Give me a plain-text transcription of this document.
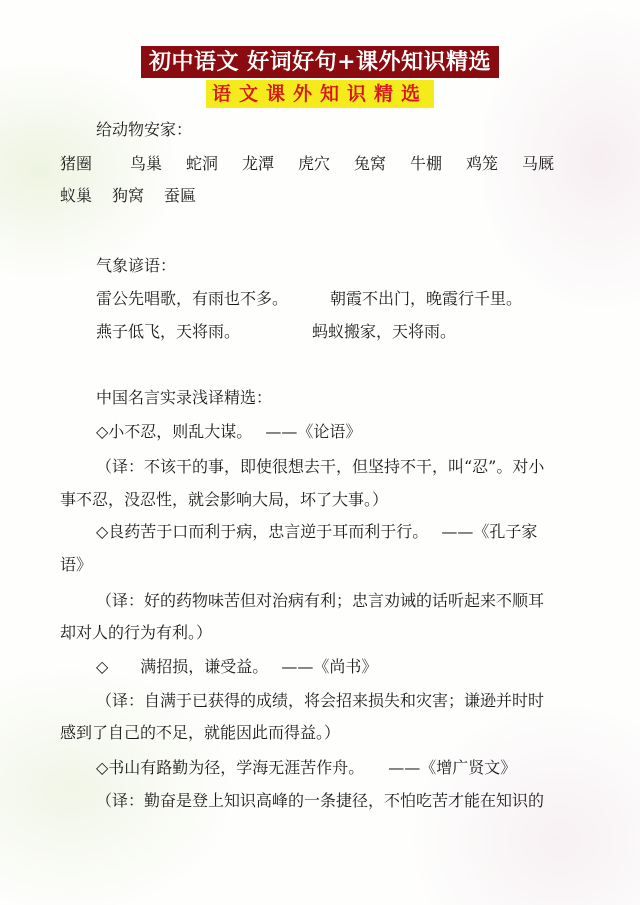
初中语文 好词好句+课外知识精选
语文课外知识精选
给动物安家：
猪圈	鸟巢	蛇洞	龙潭	虎穴	兔窝	牛棚	鸡笼	马厩
蚁巢	狗窝	蚕匾
气象谚语：
雷公先唱歌，有雨也不多。	朝霞不出门，晚霞行千里。
燕子低飞，天将雨。	蚂蚁搬家，天将雨。
中国名言实录浅译精选：
◇小不忍，则乱大谋。　 ——《论语》
（译：不该干的事，即使很想去干，但坚持不干，叫“忍”。对小
事不忍，没忍性，就会影响大局，坏了大事。）
◇良药苦于口而利于病，忠言逆于耳而利于行。　 ——《孔子家
语》
（译：好的药物味苦但对治病有利；忠言劝诫的话听起来不顺耳
却对人的行为有利。）
◇　　满招损，谦受益。　 ——《尚书》
（译：自满于已获得的成绩，将会招来损失和灾害；谦逊并时时
感到了自己的不足，就能因此而得益。）
◇书山有路勤为径，学海无涯苦作舟。　　——《增广贤文》
（译：勤奋是登上知识高峰的一条捷径，不怕吃苦才能在知识的
